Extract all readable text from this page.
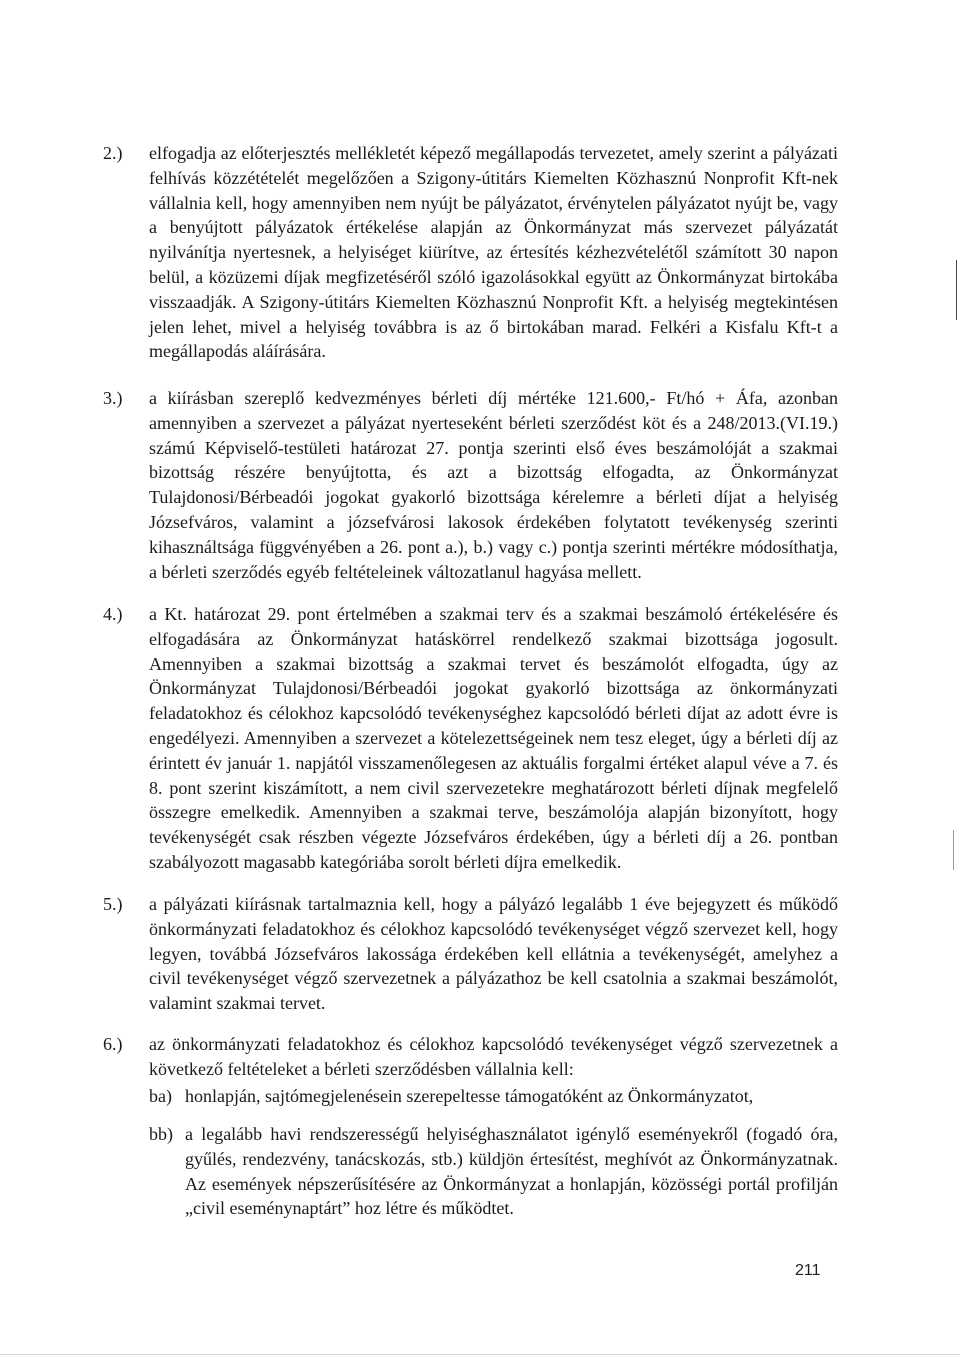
2.) elfogadja az előterjesztés mellékletét képező megállapodás tervezetet, amely szerint a pályázati felhívás közzétételét megelőzően a Szigony-útitárs Kiemelten Közhasznú Nonprofit Kft-nek vállalnia kell, hogy amennyiben nem nyújt be pályázatot, érvénytelen pályázatot nyújt be, vagy a benyújtott pályázatok értékelése alapján az Önkormányzat más szervezet pályázatát nyilvánítja nyertesnek, a helyiséget kiürítve, az értesítés kézhezvételétől számított 30 napon belül, a közüzemi díjak megfizetéséről szóló igazolásokkal együtt az Önkormányzat birtokába visszaadják. A Szigony-útitárs Kiemelten Közhasznú Nonprofit Kft. a helyiség megtekintésen jelen lehet, mivel a helyiség továbbra is az ő birtokában marad. Felkéri a Kisfalu Kft-t a megállapodás aláírására.

3.) a kiírásban szereplő kedvezményes bérleti díj mértéke 121.600,- Ft/hó + Áfa, azonban amennyiben a szervezet a pályázat nyerteseként bérleti szerződést köt és a 248/2013.(VI.19.) számú Képviselő-testületi határozat 27. pontja szerinti első éves beszámolóját a szakmai bizottság részére benyújtotta, és azt a bizottság elfogadta, az Önkormányzat Tulajdonosi/Bérbeadói jogokat gyakorló bizottsága kérelemre a bérleti díjat a helyiség Józsefváros, valamint a józsefvárosi lakosok érdekében folytatott tevékenység szerinti kihasználtsága függvényében a 26. pont a.), b.) vagy c.) pontja szerinti mértékre módosíthatja, a bérleti szerződés egyéb feltételeinek változatlanul hagyása mellett.

4.) a Kt. határozat 29. pont értelmében a szakmai terv és a szakmai beszámoló értékelésére és elfogadására az Önkormányzat hatáskörrel rendelkező szakmai bizottsága jogosult. Amennyiben a szakmai bizottság a szakmai tervet és beszámolót elfogadta, úgy az Önkormányzat Tulajdonosi/Bérbeadói jogokat gyakorló bizottsága az önkormányzati feladatokhoz és célokhoz kapcsolódó tevékenységhez kapcsolódó bérleti díjat az adott évre is engedélyezi. Amennyiben a szervezet a kötelezettségeinek nem tesz eleget, úgy a bérleti díj az érintett év január 1. napjától visszamenőlegesen az aktuális forgalmi értéket alapul véve a 7. és 8. pont szerint kiszámított, a nem civil szervezetekre meghatározott bérleti díjnak megfelelő összegre emelkedik. Amennyiben a szakmai terve, beszámolója alapján bizonyított, hogy tevékenységét csak részben végezte Józsefváros érdekében, úgy a bérleti díj a 26. pontban szabályozott magasabb kategóriába sorolt bérleti díjra emelkedik.

5.) a pályázati kiírásnak tartalmaznia kell, hogy a pályázó legalább 1 éve bejegyzett és működő önkormányzati feladatokhoz és célokhoz kapcsolódó tevékenységet végző szervezet kell, hogy legyen, továbbá Józsefváros lakossága érdekében kell ellátnia a tevékenységét, amelyhez a civil tevékenységet végző szervezetnek a pályázathoz be kell csatolnia a szakmai beszámolót, valamint szakmai tervet.

6.) az önkormányzati feladatokhoz és célokhoz kapcsolódó tevékenységet végző szervezetnek a következő feltételeket a bérleti szerződésben vállalnia kell:

ba) honlapján, sajtómegjelenésein szerepeltesse támogatóként az Önkormányzatot,

bb) a legalább havi rendszerességű helyiséghasználatot igénylő eseményekről (fogadó óra, gyűlés, rendezvény, tanácskozás, stb.) küldjön értesítést, meghívót az Önkormányzatnak. Az események népszerűsítésére az Önkormányzat a honlapján, közösségi portál profilján „civil eseménynaptárt” hoz létre és működtet.

211
